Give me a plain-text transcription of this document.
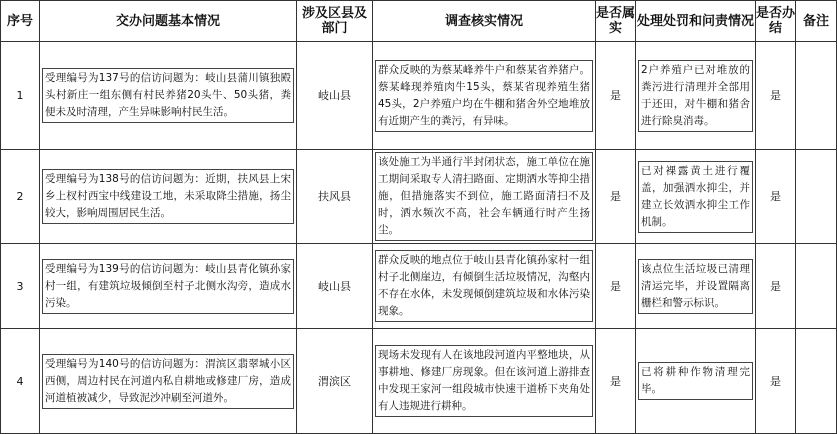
序号	交办问题基本情况	涉及区县及部门	调查核实情况	是否属实	处理处罚和问责情况	是否办结	备注
1	受理编号为137号的信访问题为：岐山县蒲川镇独殿头村新庄一组东侧有村民养猪20头牛、50头猪，粪便未及时清理，产生异味影响村民生活。	岐山县	群众反映的为蔡某峰养牛户和蔡某省养猪户。蔡某峰现养殖肉牛15头，蔡某省现养殖生猪45头，2户养殖户均在牛棚和猪舍外空地堆放有近期产生的粪污，有异味。	是	2户养殖户已对堆放的粪污进行清理并全部用于还田，对牛棚和猪舍进行除臭消毒。	是	
2	受理编号为138号的信访问题为：近期，扶风县上宋乡上杈村西宝中线建设工地，未采取降尘措施，扬尘较大，影响周围居民生活。	扶风县	该处施工为半通行半封闭状态，施工单位在施工期间采取专人清扫路面、定期洒水等抑尘措施，但措施落实不到位，施工路面清扫不及时，洒水频次不高，社会车辆通行时产生扬尘。	是	已对裸露黄土进行覆盖，加强洒水抑尘，并建立长效洒水抑尘工作机制。	是	
3	受理编号为139号的信访问题为：岐山县青化镇孙家村一组，有建筑垃圾倾倒至村子北侧水沟旁，造成水污染。	岐山县	群众反映的地点位于岐山县青化镇孙家村一组村子北侧崖边，有倾倒生活垃圾情况，沟壑内不存在水体，未发现倾倒建筑垃圾和水体污染现象。	是	该点位生活垃圾已清理清运完毕，并设置隔离栅栏和警示标识。	是	
4	受理编号为140号的信访问题为：渭滨区翡翠城小区西侧，周边村民在河道内私自耕地或修建厂房，造成河道植被减少，导致泥沙冲刷至河道外。	渭滨区	现场未发现有人在该地段河道内平整地块，从事耕地、修建厂房现象。但在该河道上游排查中发现王家河一组段城市快速干道桥下夹角处有人违规进行耕种。	是	已将耕种作物清理完毕。	是	
